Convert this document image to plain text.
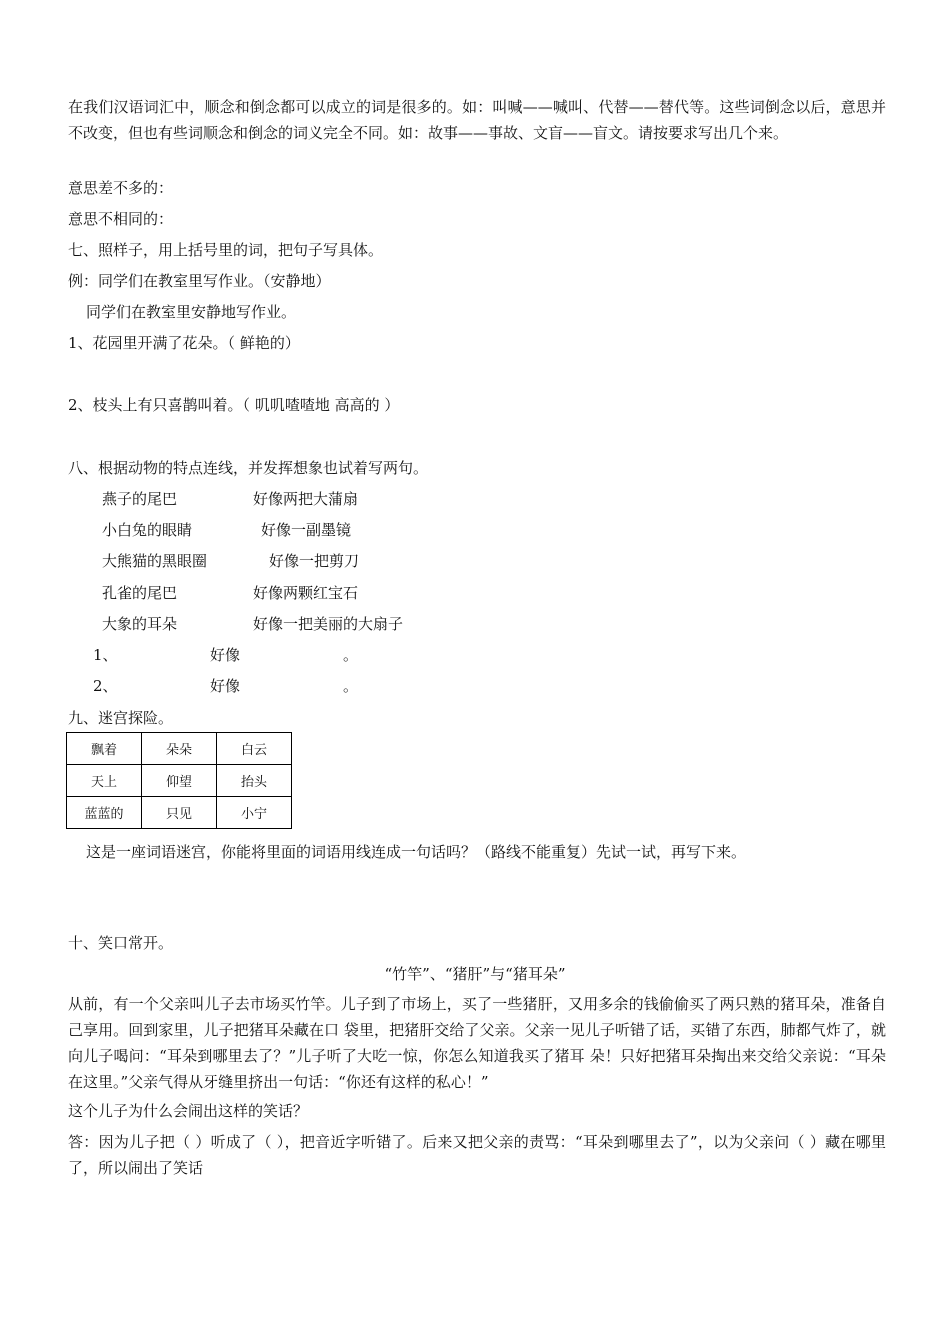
在我们汉语词汇中，顺念和倒念都可以成立的词是很多的。如：叫喊——喊叫、代替——替代等。这些词倒念以后，意思并不改变，但也有些词顺念和倒念的词义完全不同。如：故事——事故、文盲——盲文。请按要求写出几个来。

意思差不多的：

意思不相同的：

七、照样子，用上括号里的词，把句子写具体。

例：同学们在教室里写作业。（安静地）

同学们在教室里安静地写作业。

1、花园里开满了花朵。（ 鲜艳的）

2、枝头上有只喜鹊叫着。（ 叽叽喳喳地 高高的 ）

八、根据动物的特点连线，并发挥想象也试着写两句。

燕子的尾巴	好像两把大蒲扇
小白兔的眼睛	好像一副墨镜
大熊猫的黑眼圈	好像一把剪刀
孔雀的尾巴	好像两颗红宝石
大象的耳朵	好像一把美丽的大扇子
1、	好像	。
2、	好像	。

九、迷宫探险。

飘着	朵朵	白云
天上	仰望	抬头
蓝蓝的	只见	小宁

这是一座词语迷宫，你能将里面的词语用线连成一句话吗？（路线不能重复）先试一试，再写下来。

十、笑口常开。

“竹竿”、“猪肝”与“猪耳朵”

从前，有一个父亲叫儿子去市场买竹竿。儿子到了市场上，买了一些猪肝，又用多余的钱偷偷买了两只熟的猪耳朵，准备自己享用。回到家里，儿子把猪耳朵藏在口 袋里，把猪肝交给了父亲。父亲一见儿子听错了话，买错了东西，肺都气炸了，就向儿子喝问：“耳朵到哪里去了？”儿子听了大吃一惊，你怎么知道我买了猪耳 朵！只好把猪耳朵掏出来交给父亲说：“耳朵在这里。”父亲气得从牙缝里挤出一句话：“你还有这样的私心！”

这个儿子为什么会闹出这样的笑话？

答：因为儿子把（ ）听成了（ ），把音近字听错了。后来又把父亲的责骂：“耳朵到哪里去了”，以为父亲问（ ）藏在哪里了，所以闹出了笑话
